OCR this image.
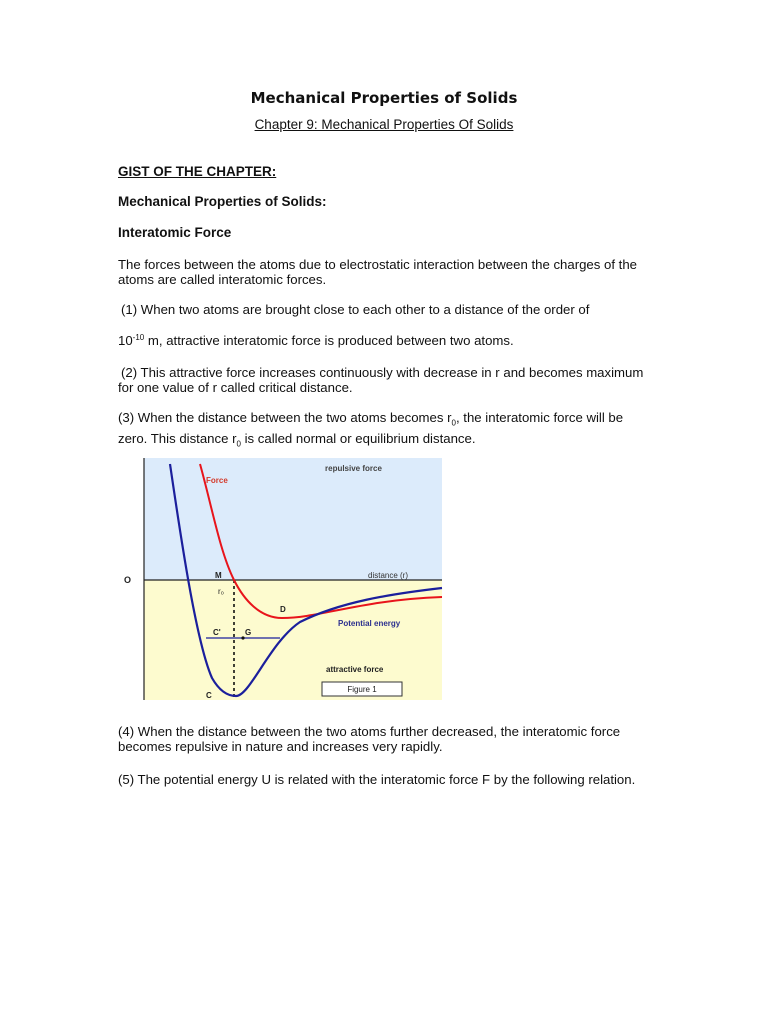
Mechanical Properties of Solids
Chapter 9: Mechanical Properties Of Solids
GIST OF THE CHAPTER:
Mechanical Properties of Solids:
Interatomic Force
The forces between the atoms due to electrostatic interaction between the charges of the atoms are called interatomic forces.
(1) When two atoms are brought close to each other to a distance of the order of
$10^{-10}$ m, attractive interatomic force is produced between two atoms.
(2) This attractive force increases continuously with decrease in r and becomes maximum for one value of r called critical distance.
(3) When the distance between the two atoms becomes $r_0$, the interatomic force will be zero. This distance $r_0$ is called normal or equilibrium distance.
repulsive force
Force
distance (r)
O	M
r₀
D
Potential energy
C'	G
attractive force
C
Figure 1
(4) When the distance between the two atoms further decreased, the interatomic force becomes repulsive in nature and increases very rapidly.
(5) The potential energy U is related with the interatomic force F by the following relation.
